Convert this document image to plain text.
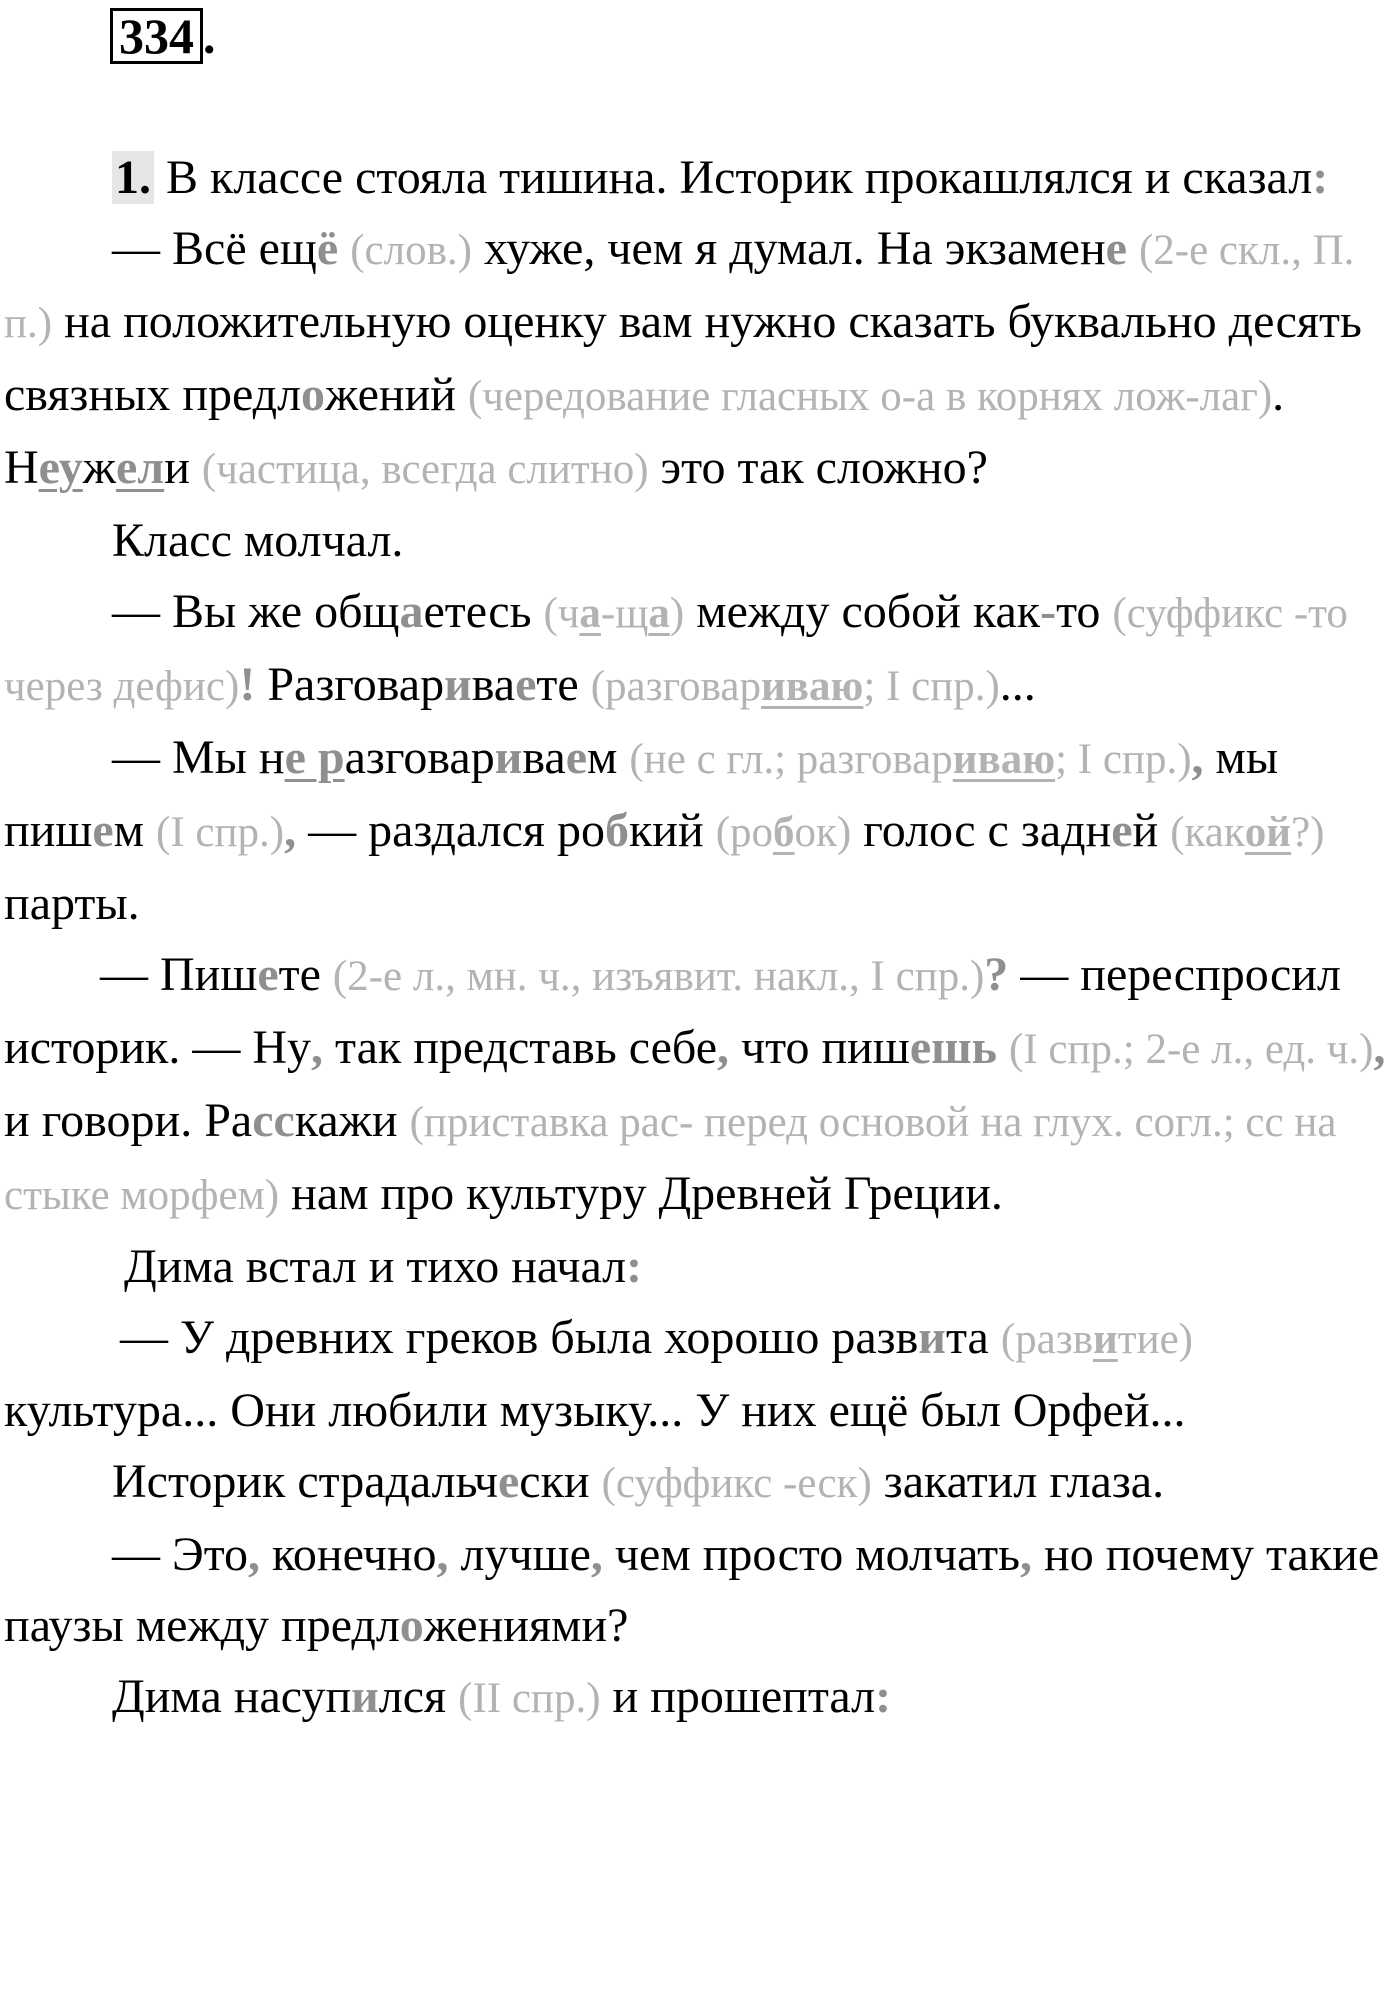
334 .

1. В классе стояла тишина. Историк прокашлялся и сказал:

— Всё ещё (слов.) хуже, чем я думал. На экзамене (2-е скл., П. п.) на положительную оценку вам нужно сказать буквально десять связных предложений (чередование гласных о-а в корнях лож-лаг). Неужели (частица, всегда слитно) это так сложно?

Класс молчал.

— Вы же общаетесь (ча-ща) между собой как-то (суффикс -то через дефис)! Разговариваете (разговариваю; I спр.)...

— Мы не разговариваем (не с гл.; разговариваю; I спр.), мы пишем (I спр.), — раздался робкий (робок) голос с задней (какой?) парты.

— Пишете (2-е л., мн. ч., изъявит. накл., I спр.)? — переспросил историк. — Ну, так представь себе, что пишешь (I спр.; 2-е л., ед. ч.), и говори. Расскажи (приставка рас- перед основой на глух. согл.; сс на стыке морфем) нам про культуру Древней Греции.

Дима встал и тихо начал:

— У древних греков была хорошо развита (развитие) культура... Они любили музыку... У них ещё был Орфей...

Историк страдальчески (суффикс -еск) закатил глаза.

— Это, конечно, лучше, чем просто молчать, но почему такие паузы между предложениями?

Дима насупился (II спр.) и прошептал:
